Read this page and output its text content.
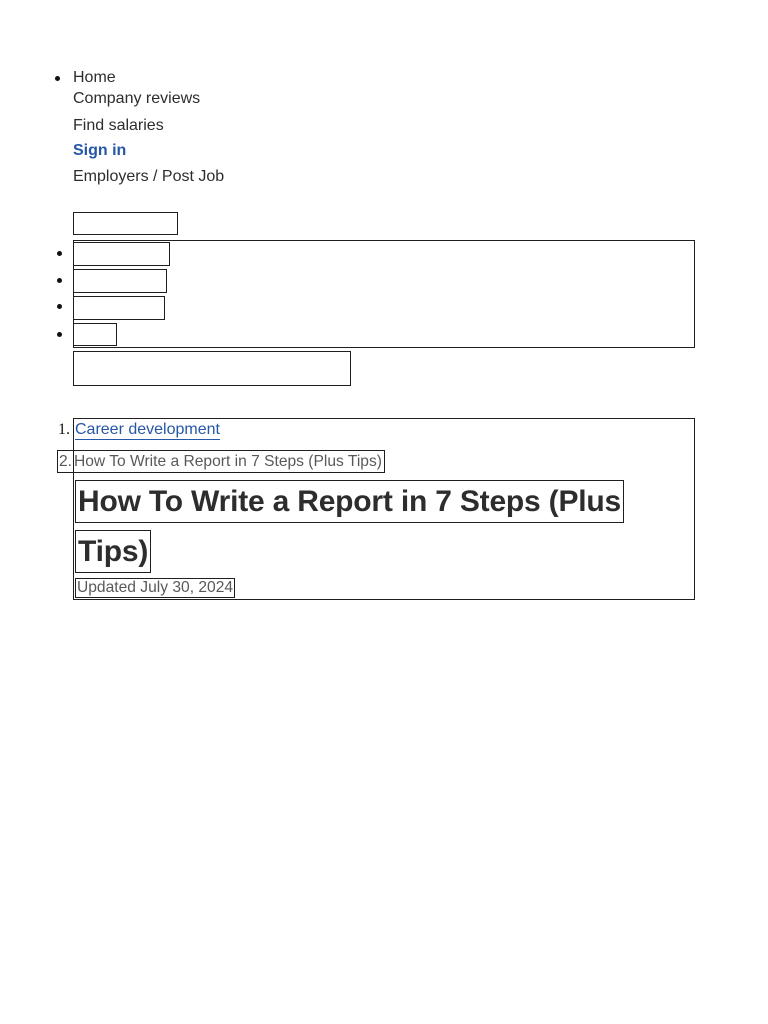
Home
Company reviews
Find salaries
Sign in
Employers / Post Job
1. Career development
2. How To Write a Report in 7 Steps (Plus Tips)
How To Write a Report in 7 Steps (Plus Tips)
Updated July 30, 2024
